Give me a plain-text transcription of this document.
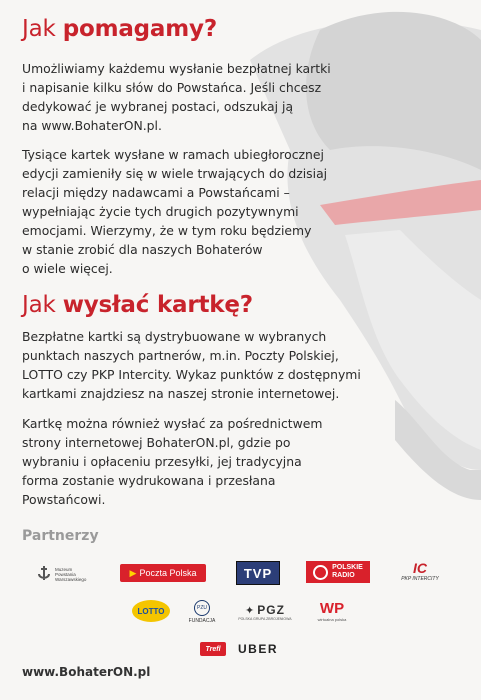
Jak pomagamy?

Umożliwiamy każdemu wysłanie bezpłatnej kartki
i napisanie kilku słów do Powstańca. Jeśli chcesz
dedykować je wybranej postaci, odszukaj ją
na www.BohaterON.pl.

Tysiące kartek wysłane w ramach ubiegłorocznej
edycji zamieniły się w wiele trwających do dzisiaj
relacji między nadawcami a Powstańcami –
wypełniając życie tych drugich pozytywnymi
emocjami. Wierzymy, że w tym roku będziemy
w stanie zrobić dla naszych Bohaterów
o wiele więcej.

Jak wysłać kartkę?

Bezpłatne kartki są dystrybuowane w wybranych
punktach naszych partnerów, m.in. Poczty Polskiej,
LOTTO czy PKP Intercity. Wykaz punktów z dostępnymi
kartkami znajdziesz na naszej stronie internetowej.

Kartkę można również wysłać za pośrednictwem
strony internetowej BohaterON.pl, gdzie po
wybraniu i opłaceniu przesyłki, jej tradycyjna
forma zostanie wydrukowana i przesłana
Powstańcowi.

Partnerzy

Muzeum
Powstania
Warszawskiego
▶ Poczta Polska	TVP	POLSKIE
RADIO	IC
PKP INTERCITY
LOTTO	PZU
FUNDACJA
✦ PGZ
POLSKA GRUPA ZBROJENIOWA
WP
wirtualna polska
Trefl UBER

www.BohaterON.pl
